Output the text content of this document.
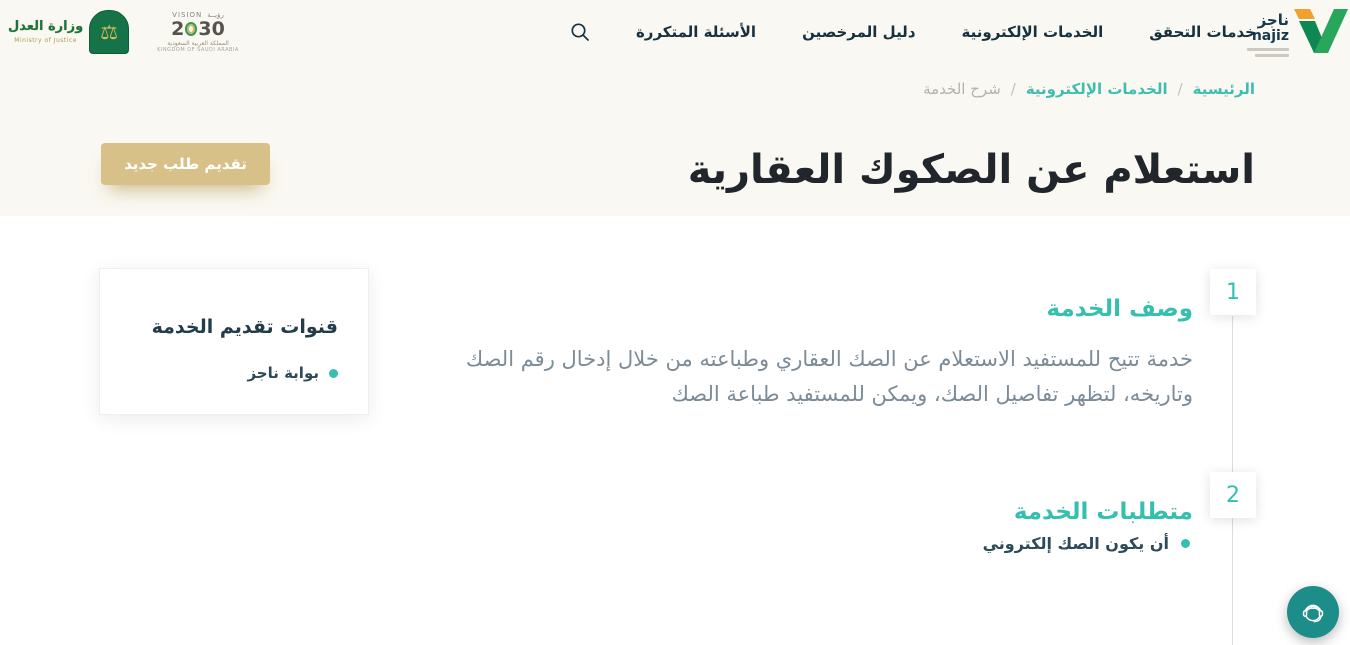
ناجز
najiz
خدمات التحقق
الخدمات الإلكترونية
دليل المرخصين
الأسئلة المتكررة
وزارة العدل
Ministry of Justice ⚖
VISION رؤيــة
2 3 0
المملكة العربية السعودية
KINGDOM OF SAUDI ARABIA
الرئيسية
/
الخدمات الإلكترونية
/
شرح الخدمة
استعلام عن الصكوك العقارية
تقديم طلب جديد
1
وصف الخدمة

خدمة تتيح للمستفيد الاستعلام عن الصك العقاري وطباعته من خلال إدخال رقم الصك وتاريخه، لتظهر تفاصيل الصك، ويمكن للمستفيد طباعة الصك

2
متطلبات الخدمة
أن يكون الصك إلكتروني
قنوات تقديم الخدمة
بوابة ناجز
